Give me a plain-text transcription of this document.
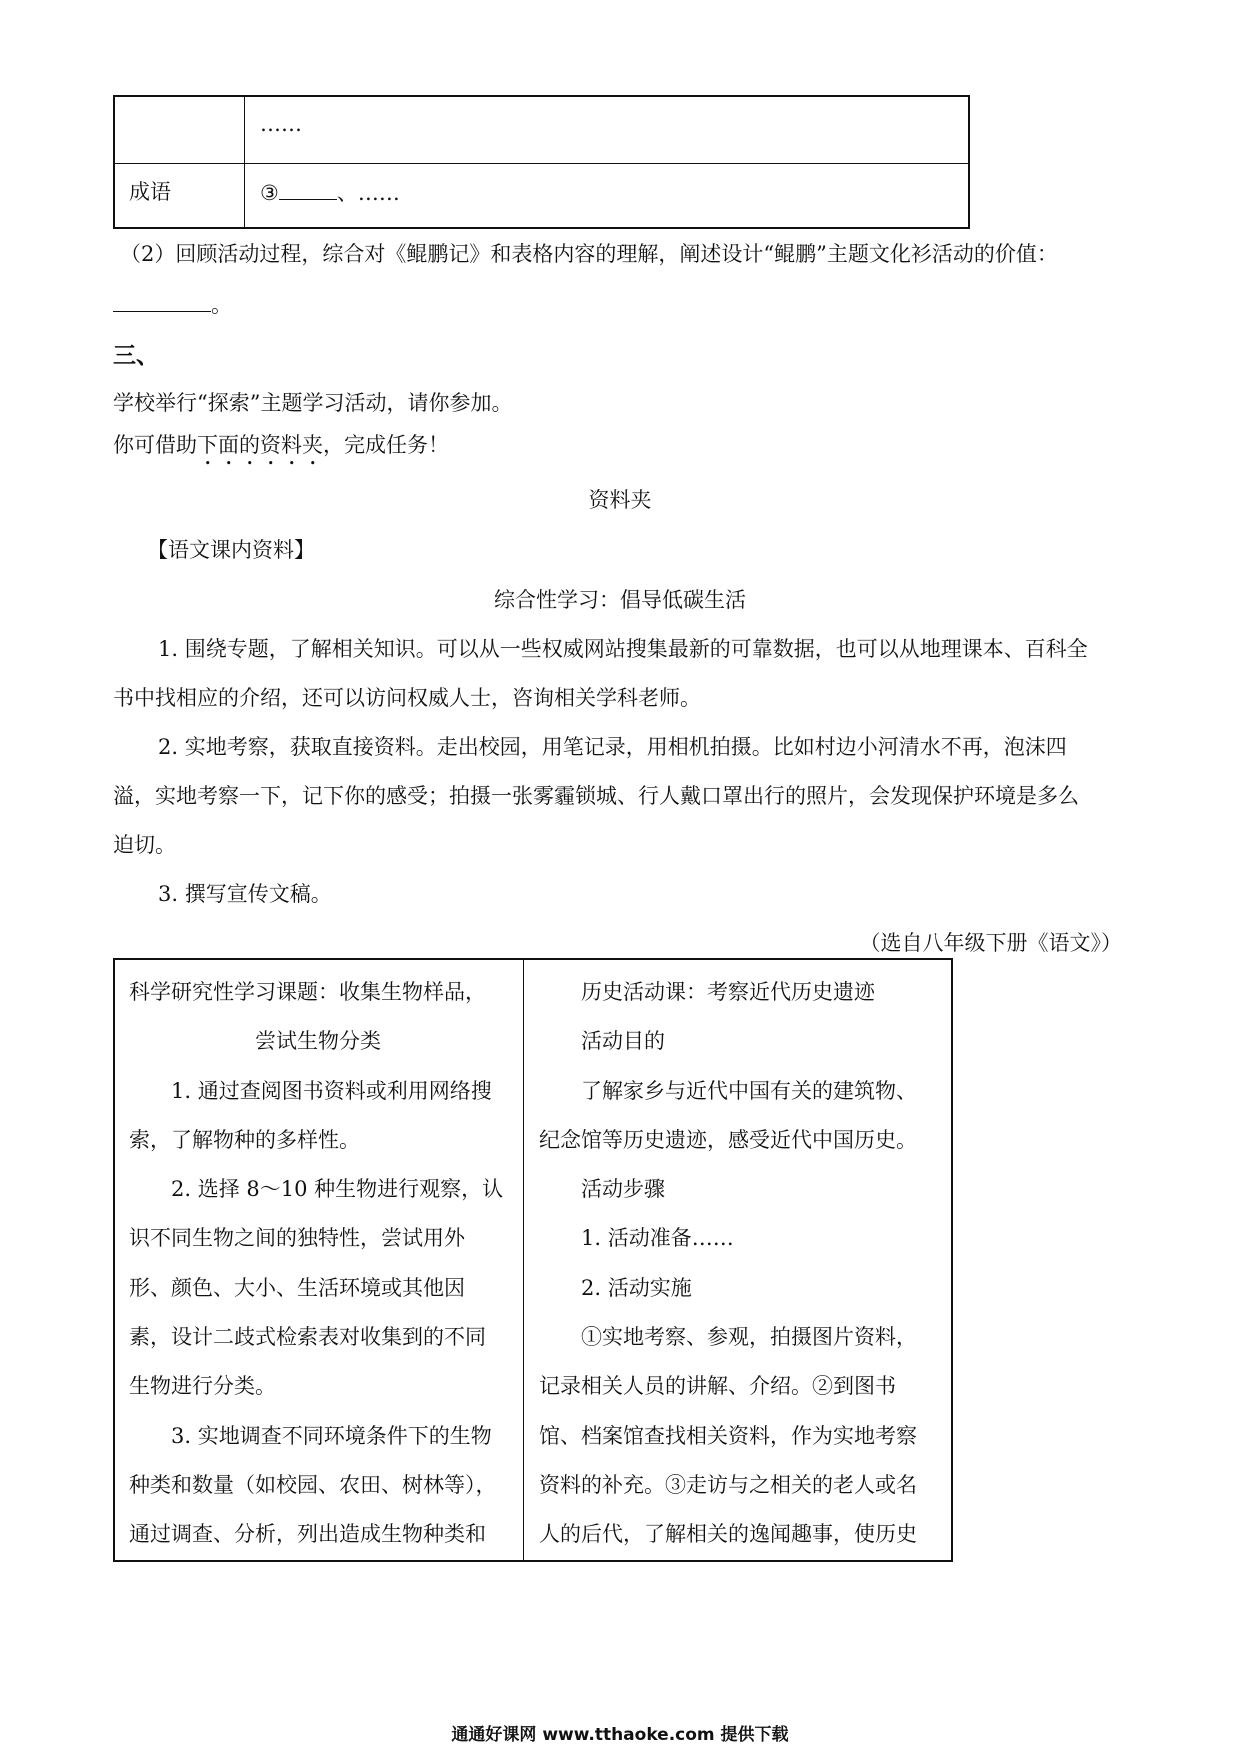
……
成语	③	、……
（2）回顾活动过程，综合对《鲲鹏记》和表格内容的理解，阐述设计“鲲鹏”主题文化衫活动的价值：
。
三、
学校举行“探索”主题学习活动，请你参加。
你可借助下面的资料夹，完成任务！
资料夹
【语文课内资料】
综合性学习：倡导低碳生活
1. 围绕专题，了解相关知识。可以从一些权威网站搜集最新的可靠数据，也可以从地理课本、百科全
书中找相应的介绍，还可以访问权威人士，咨询相关学科老师。
2. 实地考察，获取直接资料。走出校园，用笔记录，用相机拍摄。比如村边小河清水不再，泡沫四
溢，实地考察一下，记下你的感受；拍摄一张雾霾锁城、行人戴口罩出行的照片，会发现保护环境是多么
迫切。
3. 撰写宣传文稿。
（选自八年级下册《语文》）

科学研究性学习课题：收集生物样品，

尝试生物分类

1. 通过查阅图书资料或利用网络搜

索，了解物种的多样性。

2. 选择 8～10 种生物进行观察，认

识不同生物之间的独特性，尝试用外

形、颜色、大小、生活环境或其他因

素，设计二歧式检索表对收集到的不同

生物进行分类。

3. 实地调查不同环境条件下的生物

种类和数量（如校园、农田、树林等），

通过调查、分析，列出造成生物种类和

历史活动课：考察近代历史遗迹

活动目的

了解家乡与近代中国有关的建筑物、

纪念馆等历史遗迹，感受近代中国历史。

活动步骤

1. 活动准备……

2. 活动实施

①实地考察、参观，拍摄图片资料，

记录相关人员的讲解、介绍。②到图书

馆、档案馆查找相关资料，作为实地考察

资料的补充。③走访与之相关的老人或名

人的后代，了解相关的逸闻趣事，使历史

通通好课网 www.tthaoke.com 提供下载
